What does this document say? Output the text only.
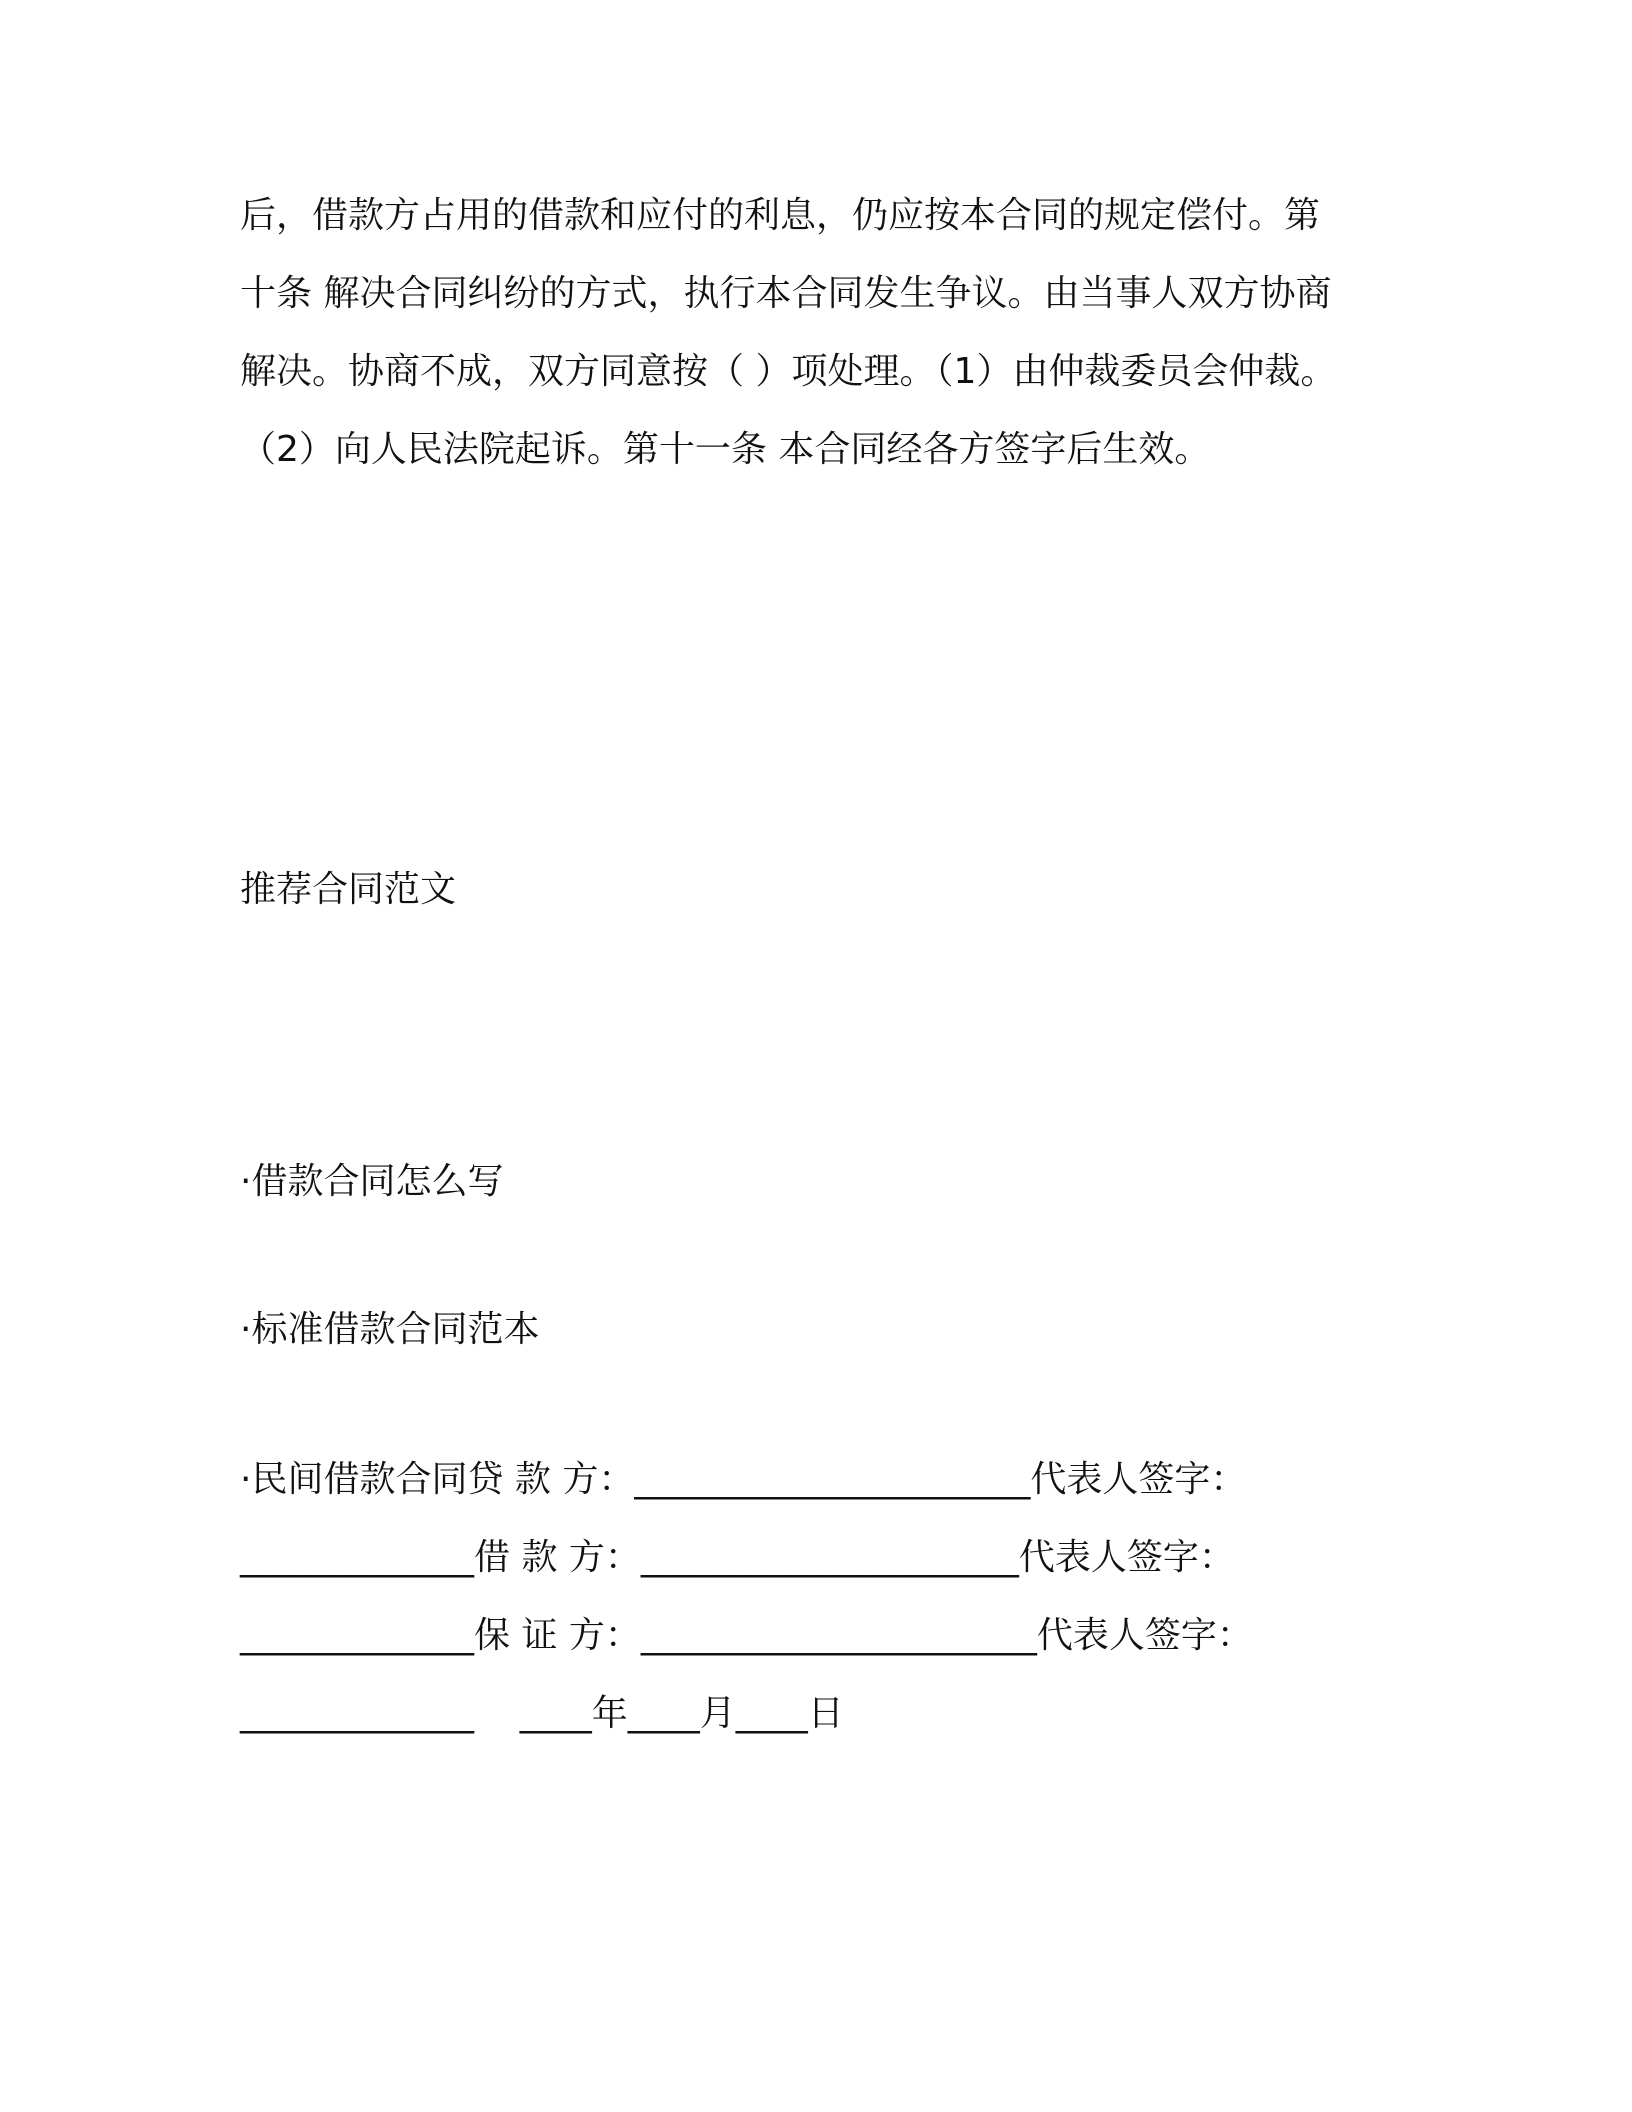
后，借款方占用的借款和应付的利息，仍应按本合同的规定偿付。第
十条 解决合同纠纷的方式，执行本合同发生争议。由当事人双方协商
解决。协商不成，双方同意按（ ）项处理。（1）由仲裁委员会仲裁。
（2）向人民法院起诉。第十一条 本合同经各方签字后生效。
推荐合同范文
·借款合同怎么写
·标准借款合同范本
·民间借款合同贷 款 方：______________________代表人签字：
_____________借 款 方：_____________________代表人签字：
_____________保 证 方：______________________代表人签字：
_____________    ____年____月____日
